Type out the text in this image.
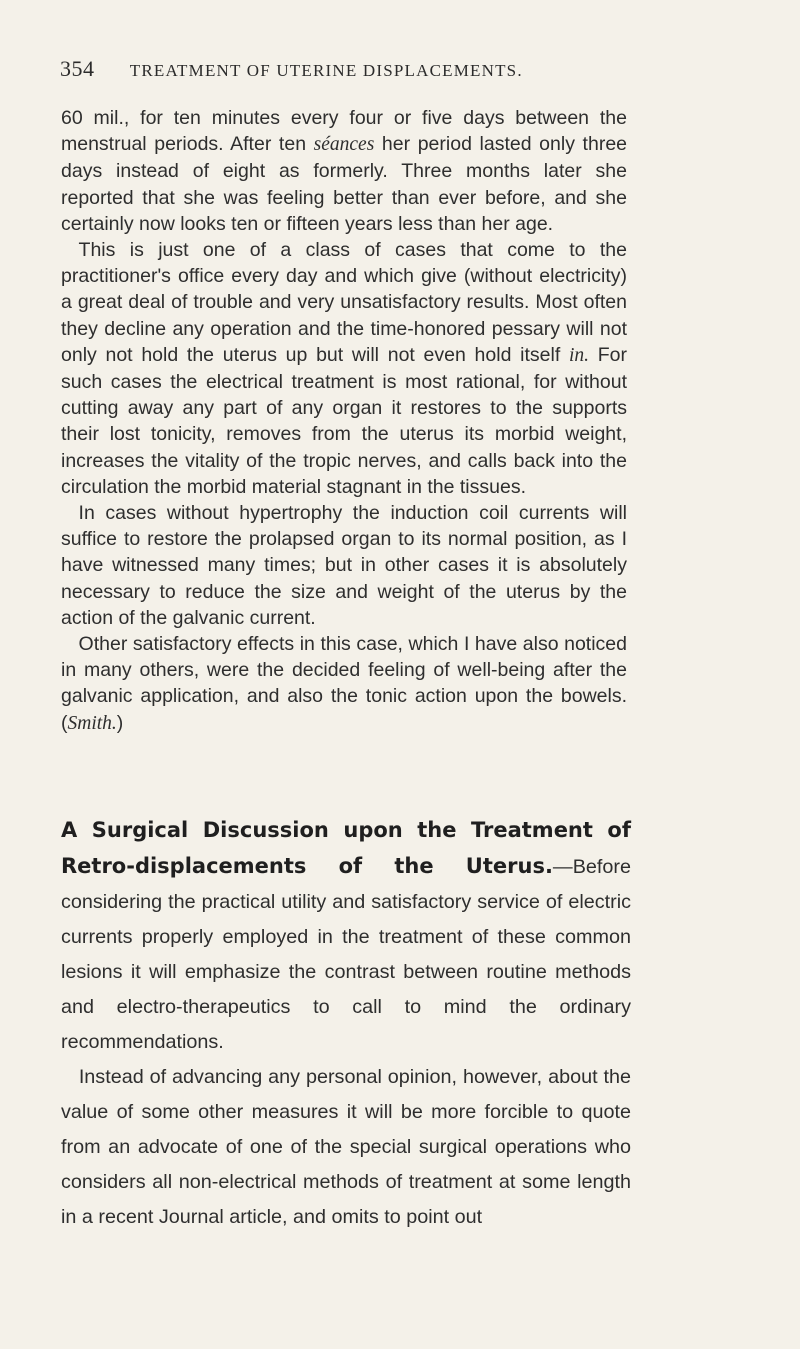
354 TREATMENT OF UTERINE DISPLACEMENTS.

60 mil., for ten minutes every four or five days between the menstrual periods. After ten séances her period lasted only three days instead of eight as formerly. Three months later she reported that she was feeling better than ever before, and she certainly now looks ten or fifteen years less than her age.

This is just one of a class of cases that come to the practitioner's office every day and which give (without electricity) a great deal of trouble and very unsatisfactory results. Most often they decline any operation and the time-honored pessary will not only not hold the uterus up but will not even hold itself in. For such cases the electrical treatment is most rational, for without cutting away any part of any organ it restores to the supports their lost tonicity, removes from the uterus its morbid weight, increases the vitality of the tropic nerves, and calls back into the circulation the morbid material stagnant in the tissues.

In cases without hypertrophy the induction coil currents will suffice to restore the prolapsed organ to its normal position, as I have witnessed many times; but in other cases it is absolutely necessary to reduce the size and weight of the uterus by the action of the galvanic current.

Other satisfactory effects in this case, which I have also noticed in many others, were the decided feeling of well-being after the galvanic application, and also the tonic action upon the bowels. (Smith.)

A Surgical Discussion upon the Treatment of Retro-displacements of the Uterus.—Before considering the practical utility and satisfactory service of electric currents properly employed in the treatment of these common lesions it will emphasize the contrast between routine methods and electro-therapeutics to call to mind the ordinary recommendations.

Instead of advancing any personal opinion, however, about the value of some other measures it will be more forcible to quote from an advocate of one of the special surgical operations who considers all non-electrical methods of treatment at some length in a recent Journal article, and omits to point out
